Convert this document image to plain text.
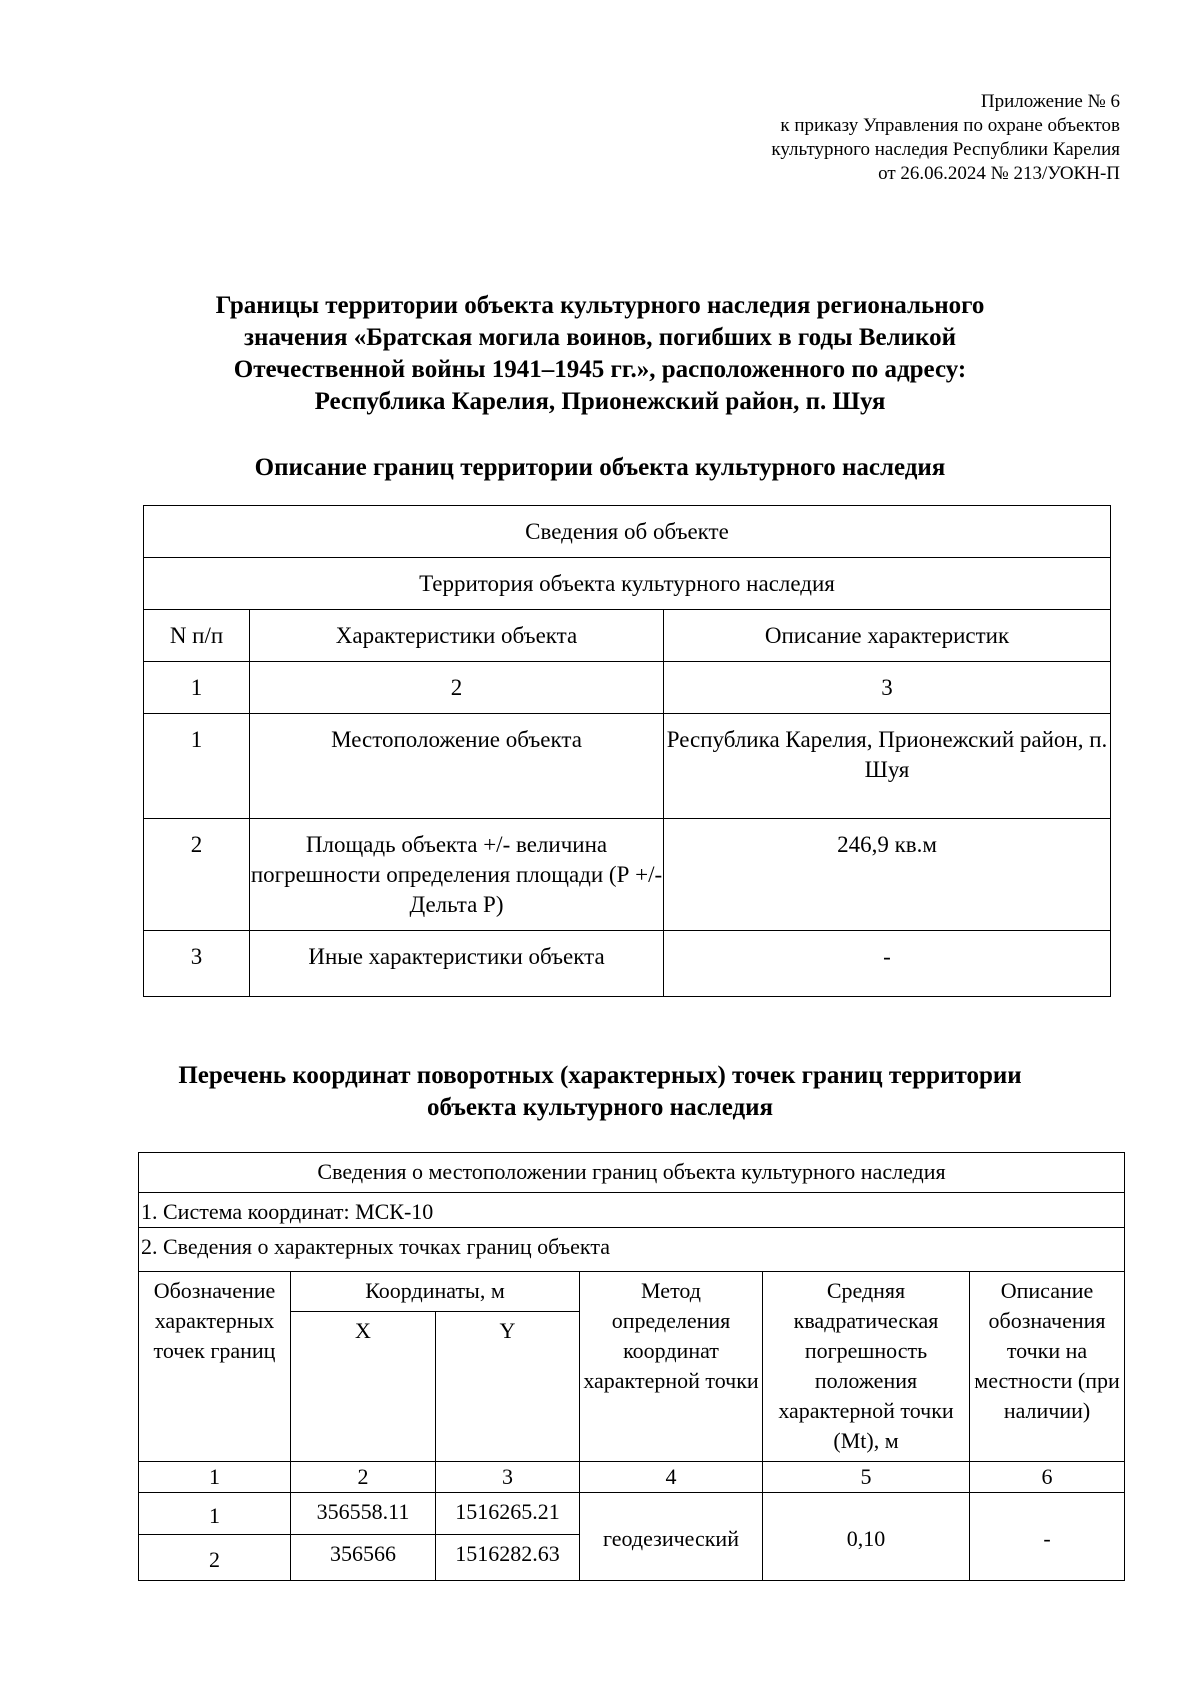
Приложение № 6
к приказу Управления по охране объектов
культурного наследия Республики Карелия
от 26.06.2024 № 213/УОКН-П
Границы территории объекта культурного наследия регионального
значения «Братская могила воинов, погибших в годы Великой
Отечественной войны 1941–1945 гг.», расположенного по адресу:
Республика Карелия, Прионежский район, п. Шуя
Описание границ территории объекта культурного наследия
Сведения об объекте		
Территория объекта культурного наследия		
N п/п	Характеристики объекта	Описание характеристик
1	2	3
1	Местоположение объекта	Республика Карелия, Прионежский район, п. Шуя
2	Площадь объекта +/- величина погрешности определения площади (Р +/- Дельта Р)	246,9 кв.м
3	Иные характеристики объекта	-
Перечень координат поворотных (характерных) точек границ территории
объекта культурного наследия
Сведения о местоположении границ объекта культурного наследия					
1. Система координат: МСК-10					
2. Сведения о характерных точках границ объекта					
Обозначение характерных точек границ	Координаты, м		Метод определения координат характерной точки	Средняя квадратическая погрешность положения характерной точки (Mt), м	Описание обозначения точки на местности (при наличии)
	X	Y			
1	2	3	4	5	6
1	356558.11	1516265.21	геодезический	0,10	-
2	356566	1516282.63			
